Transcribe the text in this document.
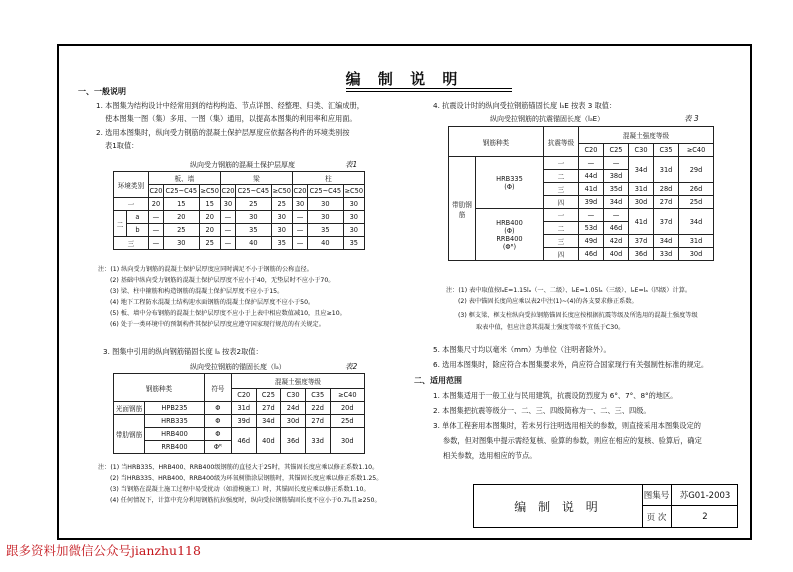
编 制 说 明
一、一般说明
1. 本图集为结构设计中经常用到的结构构造、节点详图、经整理、归类、汇编成册，
使本图集一图（集）多用、一图（集）通用，以提高本图集的利用率和应用面。
2. 选用本图集时，纵向受力钢筋的混凝土保护层厚度应依据各构件的环境类别按
表1取值：
纵向受力钢筋的混凝土保护层厚度	表1
环境类别		板、墙			梁			柱		
		C20	C25~C45	≥C50	C20	C25~C45	≥C50	C20	C25~C45	≥C50
一		20	15	15	30	25	25	30	30	30
二	a	—	20	20	—	30	30	—	30	30
	b	—	25	20	—	35	30	—	35	30
三		—	30	25	—	40	35	—	40	35
注：(1) 纵向受力钢筋的混凝土保护层厚度应同时满足不小于钢筋的公称直径。
(2) 基础中纵向受力钢筋的混凝土保护层厚度不应小于40，无垫层时不应小于70。
(3) 梁、柱中箍筋和构造钢筋的混凝土保护层厚度不应小于15。
(4) 地下工程防水混凝土结构迎水面钢筋的混凝土保护层厚度不应小于50。
(5) 板、墙中分布钢筋的混凝土保护层厚度不应小于上表中相应数值减10，且应≥10。
(6) 处于一类环境中的预制构件其保护层厚度应遵守国家现行规范的有关规定。
3. 图集中引用的纵向钢筋锚固长度 lₐ 按表2取值：
纵向受拉钢筋的锚固长度（lₐ）	表2
钢筋种类		符号	混凝土强度等级				
			C20	C25	C30	C35	≥C40
光面钢筋	HPB235	Φ	31d	27d	24d	22d	20d
带肋钢筋	HRB335	Φ	39d	34d	30d	27d	25d
	HRB400	Φ	46d	40d	36d	33d	30d
	RRB400	Φᴿ					
注：(1) 当HRB335、HRB400、RRB400级钢筋的直径大于25时，其锚固长度应乘以修正系数1.10。
(2) 当HRB335、HRB400、RRB400级为环氧树脂涂层钢筋时，其锚固长度应乘以修正系数1.25。
(3) 当钢筋在混凝土施工过程中易受扰动（如滑模施工）时，其锚固长度应乘以修正系数1.10。
(4) 任何情况下，计算中充分利用钢筋抗拉强度时，纵向受拉钢筋锚固长度不应小于0.7lₐ且≥250。
4. 抗震设计时的纵向受拉钢筋锚固长度 lₐE 按表 3 取值：
纵向受拉钢筋的抗震锚固长度（lₐE）	表 3
钢筋种类		抗震等级	混凝土强度等级				
			C20	C25	C30	C35	≥C40
带肋钢筋	HRB335
(Φ)	一	—	—	34d	31d	29d
		二	44d	38d			
		三	41d	35d	31d	28d	26d
		四	39d	34d	30d	27d	25d

	HRB400
(Φ)
RRB400
(Φᴿ)	一	—	—	41d	37d	34d
		二	53d	46d			
		三	49d	42d	37d	34d	31d
		四	46d	40d	36d	33d	30d
注：(1) 表中取值按lₐE=1.15lₐ（一、二级）、lₐE=1.05lₐ（三级）、lₐE=lₐ（四级）计算。
(2) 表中锚固长度尚应乘以表2中注(1)~(4)的各支要求修正系数。
(3) 框支梁、框支柱纵向受拉钢筋锚固长度应按根据抗震等级及所选用的混凝土强度等级
取表中值，但应注意其混凝土强度等级不宜低于C30。
5. 本图集尺寸均以毫米（mm）为单位（注明者除外）。
6. 选用本图集时，除应符合本图集要求外，尚应符合国家现行有关强制性标准的规定。
二、适用范围
1. 本图集适用于一般工业与民用建筑，抗震设防烈度为 6°、7°、8°的地区。
2. 本图集把抗震等级分一、二、三、四级简称为一、二、三、四级。
3. 单体工程套用本图集时，若未另行注明选用相关的参数，则直接采用本图集设定的
参数，但对图集中提示需经复核、验算的参数，则应在相应的复核、验算后，确定
相关参数，选用相应的节点。
编 制 说 明
图集号	苏G01-2003
页 次	2
跟多资料加微信公众号jianzhu118
